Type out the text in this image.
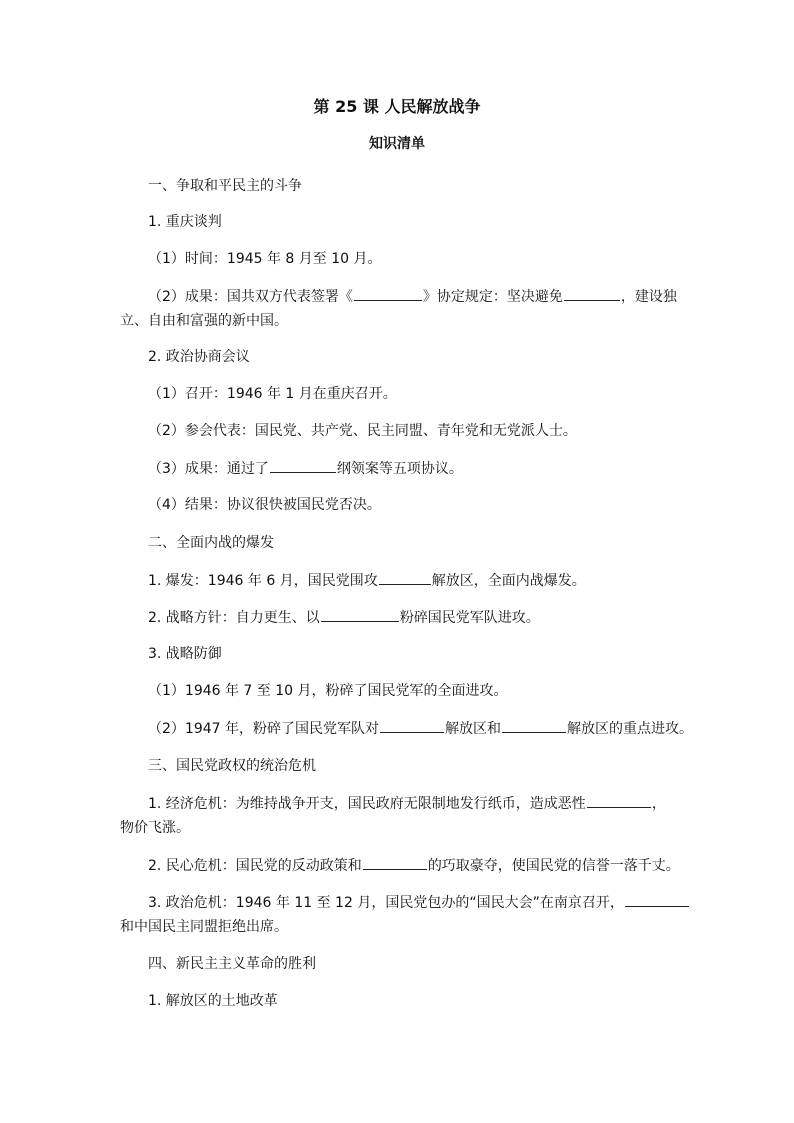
第 25 课 人民解放战争
知识清单
一、争取和平民主的斗争
1. 重庆谈判
（1）时间：1945 年 8 月至 10 月。
（2）成果：国共双方代表签署《	》协定规定：坚决避免	，建设独
立、自由和富强的新中国。
2. 政治协商会议
（1）召开：1946 年 1 月在重庆召开。
（2）参会代表：国民党、共产党、民主同盟、青年党和无党派人士。
（3）成果：通过了	纲领案等五项协议。
（4）结果：协议很快被国民党否决。
二、全面内战的爆发
1. 爆发：1946 年 6 月，国民党围攻	解放区，全面内战爆发。
2. 战略方针：自力更生、以	粉碎国民党军队进攻。
3. 战略防御
（1）1946 年 7 至 10 月，粉碎了国民党军的全面进攻。
（2）1947 年，粉碎了国民党军队对	解放区和	解放区的重点进攻。
三、国民党政权的统治危机
1. 经济危机：为维持战争开支，国民政府无限制地发行纸币，造成恶性	，
物价飞涨。
2. 民心危机：国民党的反动政策和	的巧取豪夺，使国民党的信誉一落千丈。
3. 政治危机：1946 年 11 至 12 月，国民党包办的“国民大会”在南京召开，
和中国民主同盟拒绝出席。
四、新民主主义革命的胜利
1. 解放区的土地改革
